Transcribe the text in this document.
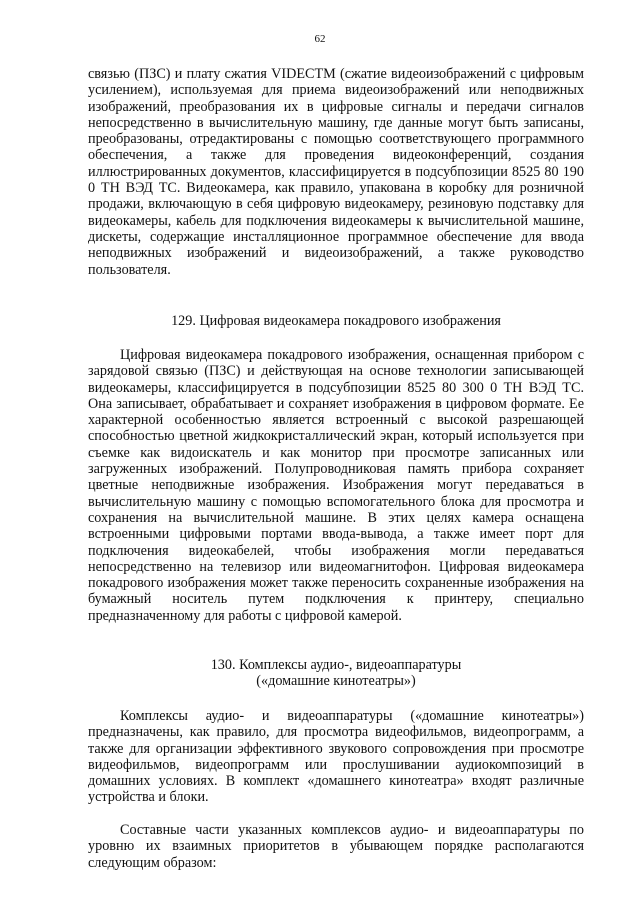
62

связью (ПЗС) и плату сжатия VIDECTM (сжатие видеоизображений с цифровым усилением), используемая для приема видеоизображений или неподвижных изображений, преобразования их в цифровые сигналы и передачи сигналов непосредственно в вычислительную машину, где данные могут быть записаны, преобразованы, отредактированы с помощью соответствующего программного обеспечения, а также для проведения видеоконференций, создания иллюстрированных документов, классифицируется в подсубпозиции 8525 80 190 0 ТН ВЭД ТС. Видеокамера, как правило, упакована в коробку для розничной продажи, включающую в себя цифровую видеокамеру, резиновую подставку для видеокамеры, кабель для подключения видеокамеры к вычислительной машине, дискеты, содержащие инсталляционное программное обеспечение для ввода неподвижных изображений и видеоизображений, а также руководство пользователя.

129. Цифровая видеокамера покадрового изображения

Цифровая видеокамера покадрового изображения, оснащенная прибором с зарядовой связью (ПЗС) и действующая на основе технологии записывающей видеокамеры, классифицируется в подсубпозиции 8525 80 300 0 ТН ВЭД ТС. Она записывает, обрабатывает и сохраняет изображения в цифровом формате. Ее характерной особенностью является встроенный с высокой разрешающей способностью цветной жидкокристаллический экран, который используется при съемке как видоискатель и как монитор при просмотре записанных или загруженных изображений. Полупроводниковая память прибора сохраняет цветные неподвижные изображения. Изображения могут передаваться в вычислительную машину с помощью вспомогательного блока для просмотра и сохранения на вычислительной машине. В этих целях камера оснащена встроенными цифровыми портами ввода-вывода, а также имеет порт для подключения видеокабелей, чтобы изображения могли передаваться непосредственно на телевизор или видеомагнитофон. Цифровая видеокамера покадрового изображения может также переносить сохраненные изображения на бумажный носитель путем подключения к принтеру, специально предназначенному для работы с цифровой камерой.

130. Комплексы аудио-, видеоаппаратуры
(«домашние кинотеатры»)

Комплексы аудио- и видеоаппаратуры («домашние кинотеатры») предназначены, как правило, для просмотра видеофильмов, видеопрограмм, а также для организации эффективного звукового сопровождения при просмотре видеофильмов, видеопрограмм или прослушивании аудиокомпозиций в домашних условиях. В комплект «домашнего кинотеатра» входят различные устройства и блоки.

Составные части указанных комплексов аудио- и видеоаппаратуры по уровню их взаимных приоритетов в убывающем порядке располагаются следующим образом:
